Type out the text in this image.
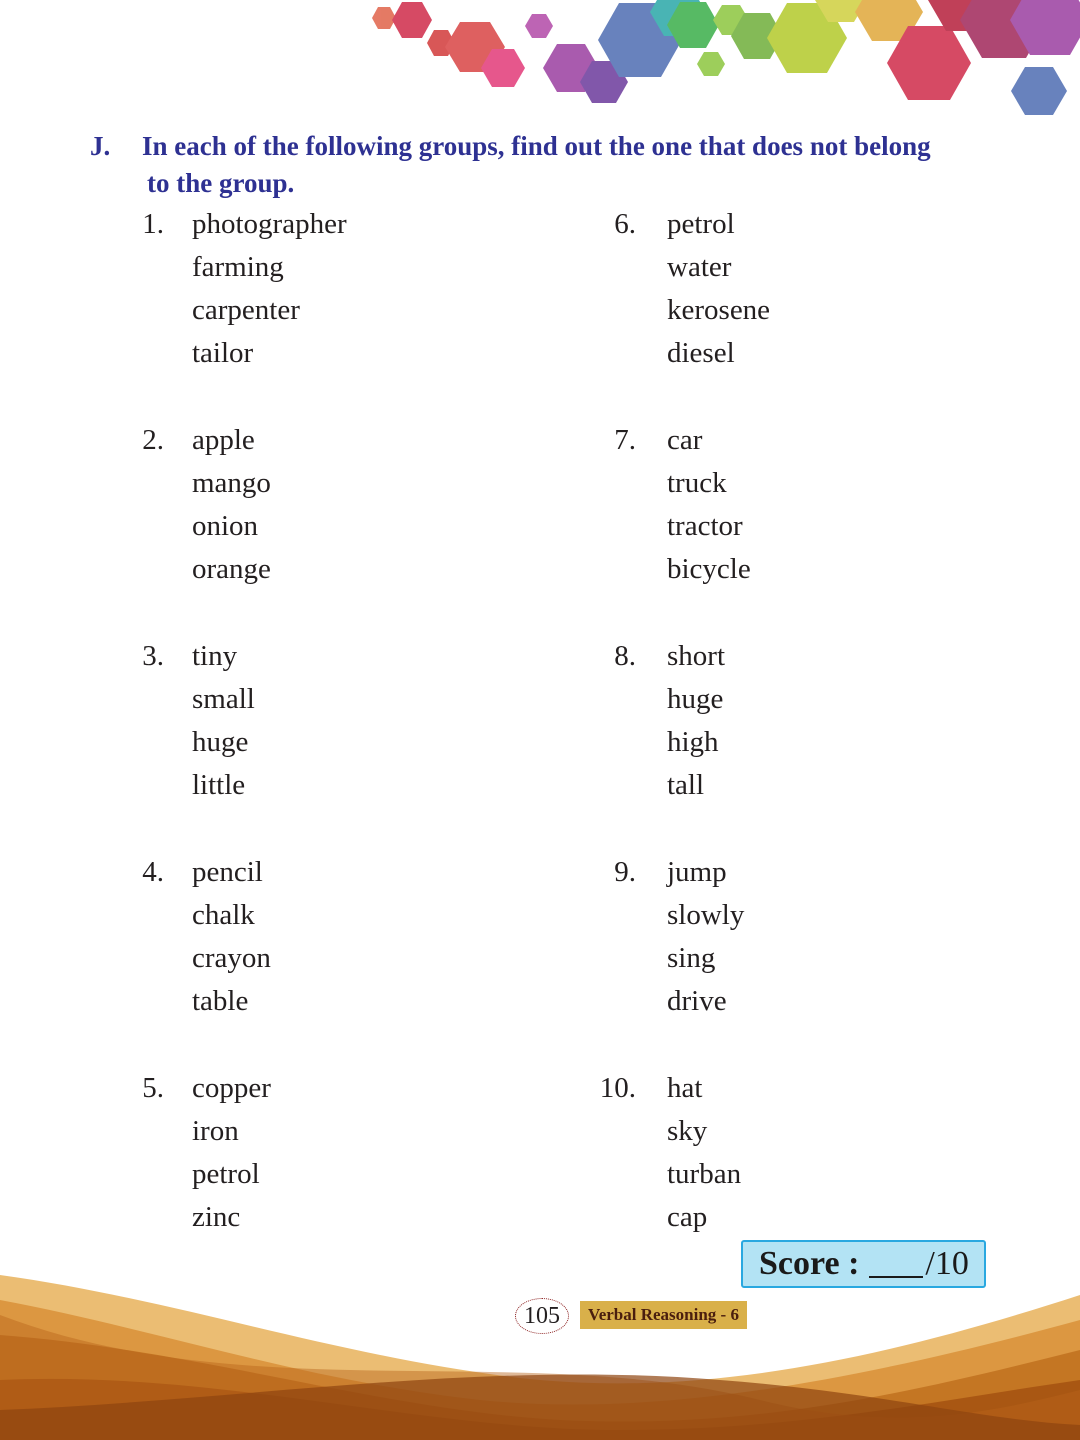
J. In each of the following groups, find out the one that does not belong
to the group.
1. photographer
farming
carpenter
tailor
2. apple
mango
onion
orange
3. tiny
small
huge
little
4. pencil
chalk
crayon
table
5. copper
iron
petrol
zinc
6. petrol
water
kerosene
diesel
7. car
truck
tractor
bicycle
8. short
huge
high
tall
9. jump
slowly
sing
drive
10. hat
sky
turban
cap
Score : /10
105	Verbal Reasoning - 6
